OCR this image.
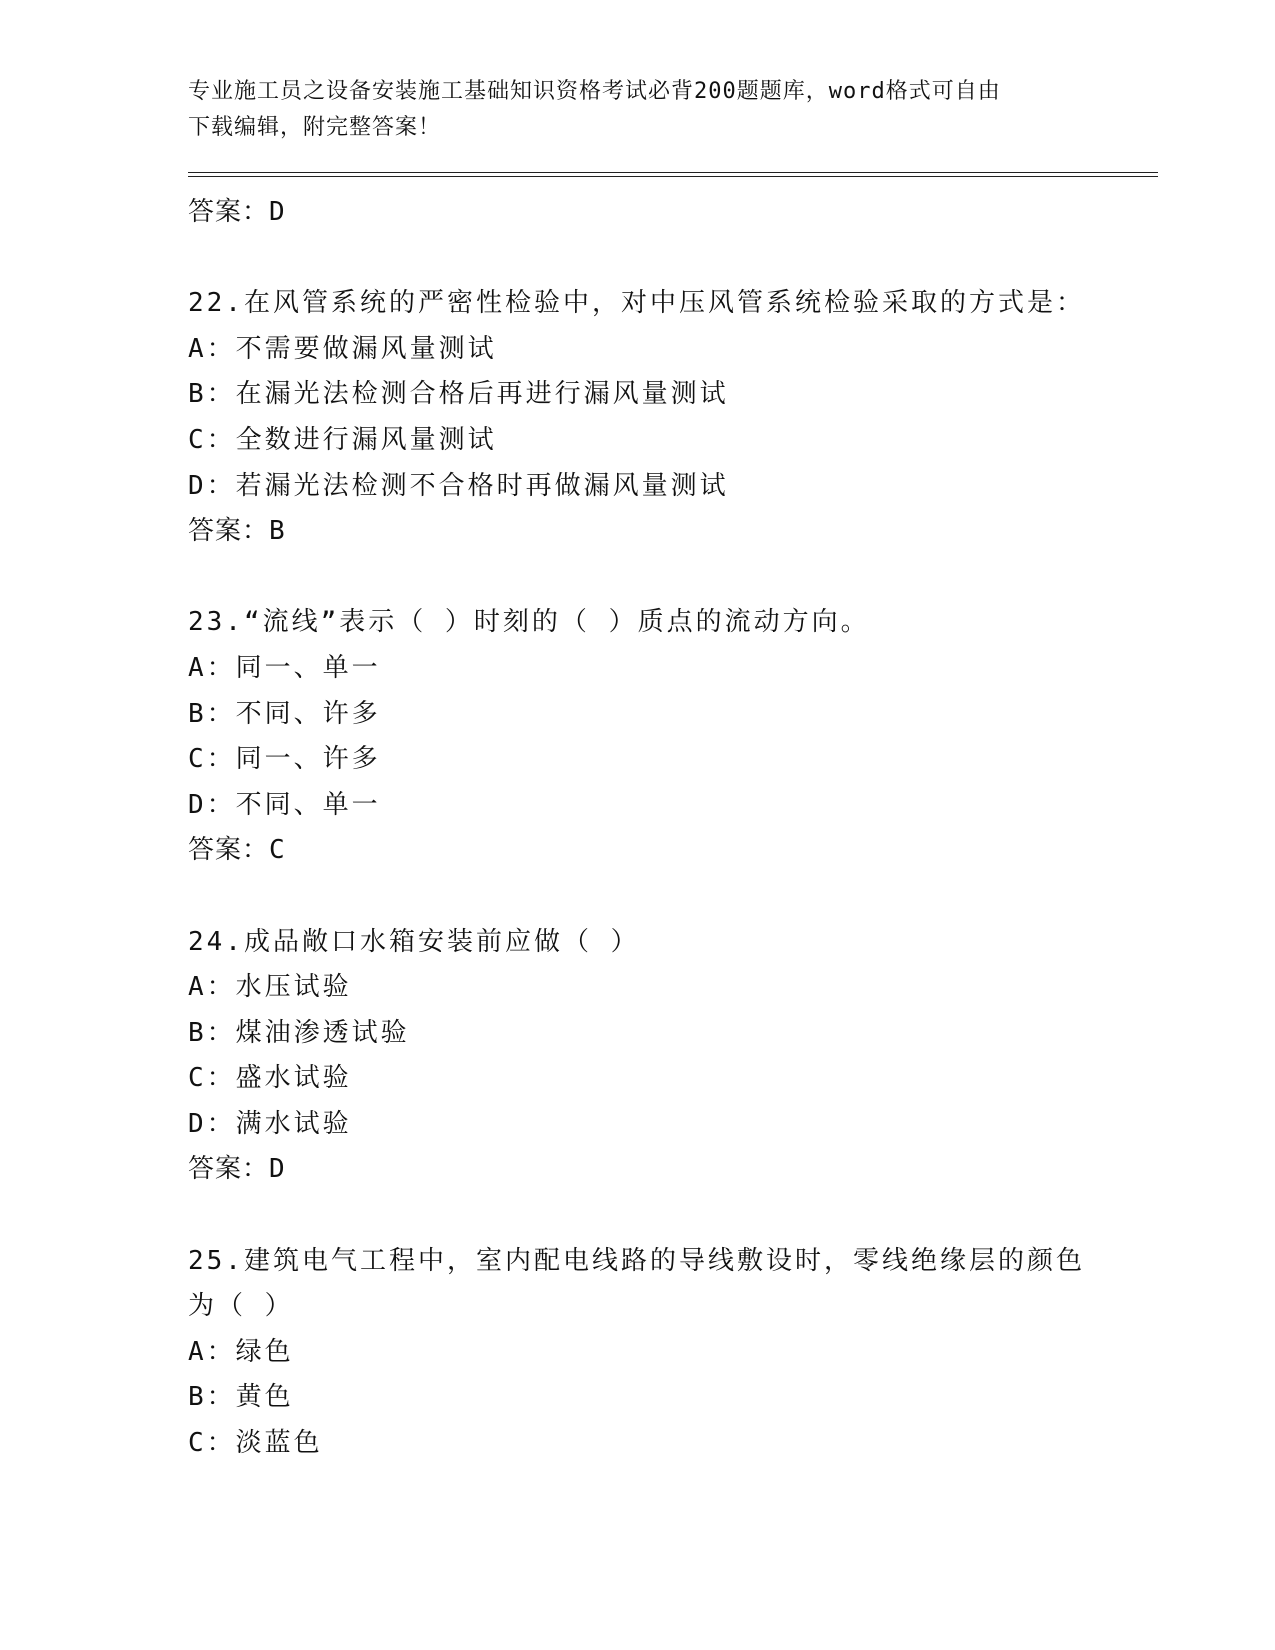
专业施工员之设备安装施工基础知识资格考试必背200题题库，word格式可自由
下载编辑，附完整答案！
答案：D
22.在风管系统的严密性检验中，对中压风管系统检验采取的方式是：
A：不需要做漏风量测试
B：在漏光法检测合格后再进行漏风量测试
C：全数进行漏风量测试
D：若漏光法检测不合格时再做漏风量测试
答案：B
23.“流线”表示（ ）时刻的（ ）质点的流动方向。
A：同一、单一
B：不同、许多
C：同一、许多
D：不同、单一
答案：C
24.成品敞口水箱安装前应做（ ）
A：水压试验
B：煤油渗透试验
C：盛水试验
D：满水试验
答案：D
25.建筑电气工程中，室内配电线路的导线敷设时，零线绝缘层的颜色
为（ ）
A：绿色
B：黄色
C：淡蓝色
